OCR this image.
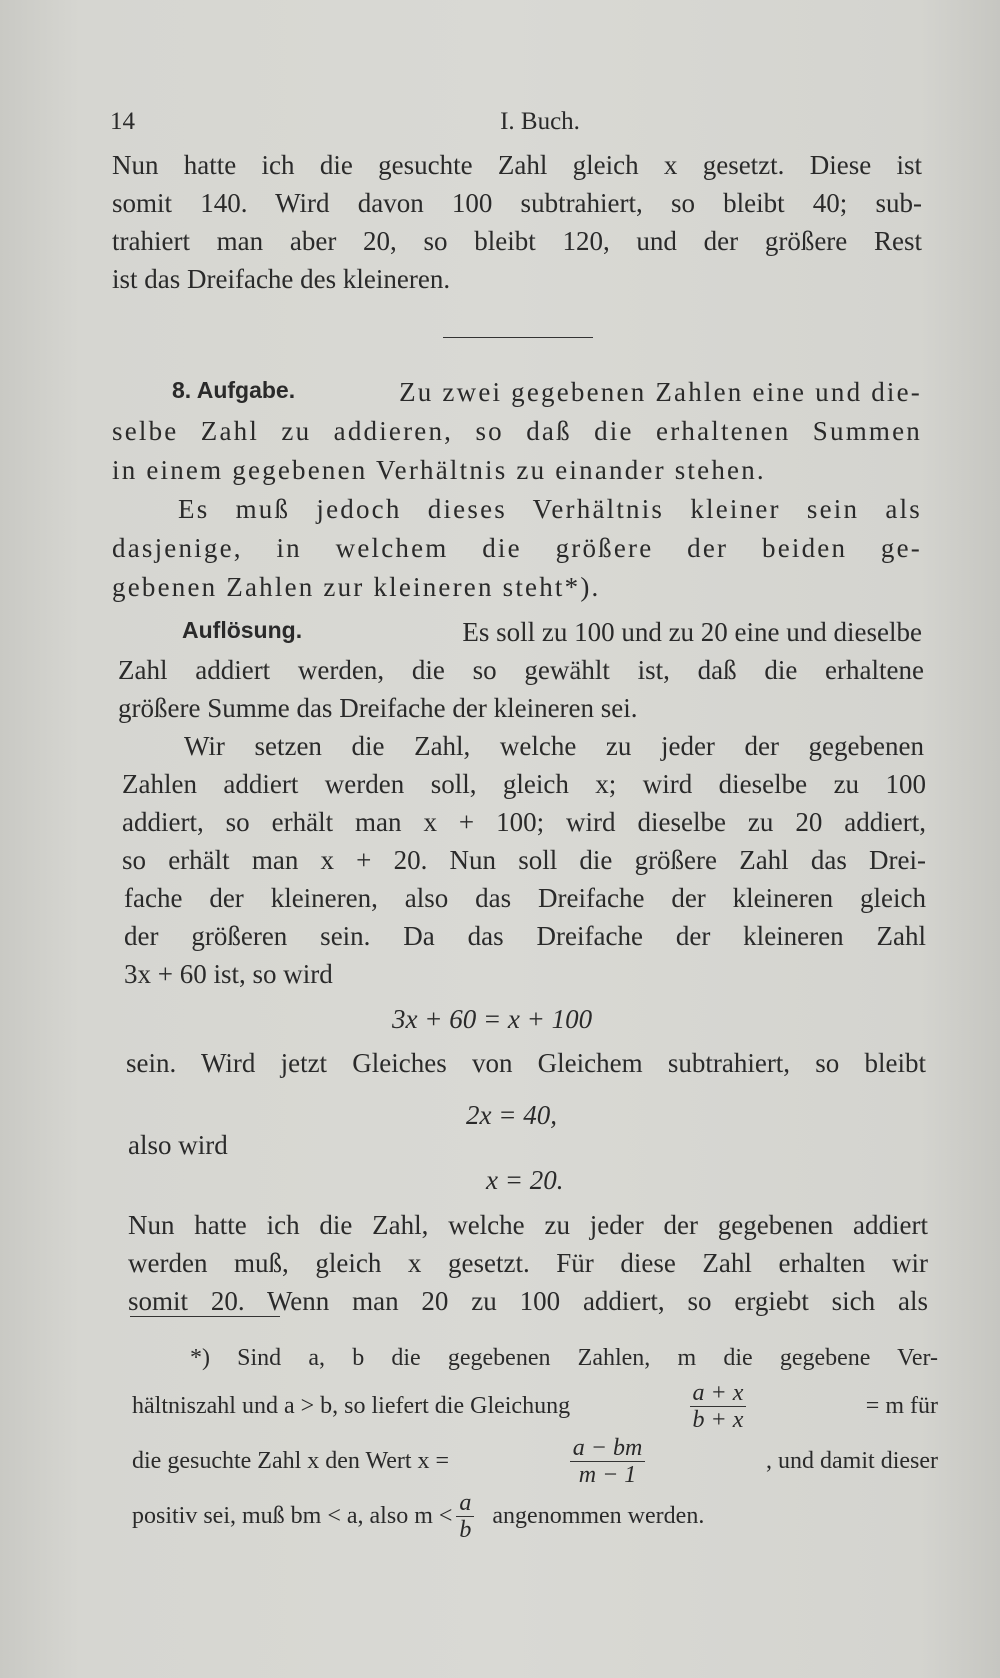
14	I. Buch.
Nun hatte ich die gesuchte Zahl gleich x gesetzt. Diese ist
somit 140. Wird davon 100 subtrahiert, so bleibt 40; sub-
trahiert man aber 20, so bleibt 120, und der größere Rest
ist das Dreifache des kleineren.
8. Aufgabe.	Zu zwei gegebenen Zahlen eine und die-
selbe Zahl zu addieren, so daß die erhaltenen Summen
in einem gegebenen Verhältnis zu einander stehen.
Es muß jedoch dieses Verhältnis kleiner sein als
dasjenige, in welchem die größere der beiden ge-
gebenen Zahlen zur kleineren steht*).
Auflösung.	Es soll zu 100 und zu 20 eine und dieselbe
Zahl addiert werden, die so gewählt ist, daß die erhaltene
größere Summe das Dreifache der kleineren sei.
Wir setzen die Zahl, welche zu jeder der gegebenen
Zahlen addiert werden soll, gleich x; wird dieselbe zu 100
addiert, so erhält man x + 100; wird dieselbe zu 20 addiert,
so erhält man x + 20. Nun soll die größere Zahl das Drei-
fache der kleineren, also das Dreifache der kleineren gleich
der größeren sein. Da das Dreifache der kleineren Zahl
3x + 60 ist, so wird
3x + 60 = x + 100
sein. Wird jetzt Gleiches von Gleichem subtrahiert, so bleibt
2x = 40,
also wird
x = 20.
Nun hatte ich die Zahl, welche zu jeder der gegebenen addiert
werden muß, gleich x gesetzt. Für diese Zahl erhalten wir
somit 20. Wenn man 20 zu 100 addiert, so ergiebt sich als
*) Sind a, b die gegebenen Zahlen, m die gegebene Ver-
hältniszahl und a > b, so liefert die Gleichung	$\frac{a + x}{b + x}$	= m für
die gesuchte Zahl x den Wert x =	$\frac{a - bm}{m - 1}$	, und damit dieser
positiv sei, muß bm < a, also $m < \frac{a}{b}$ angenommen werden.
